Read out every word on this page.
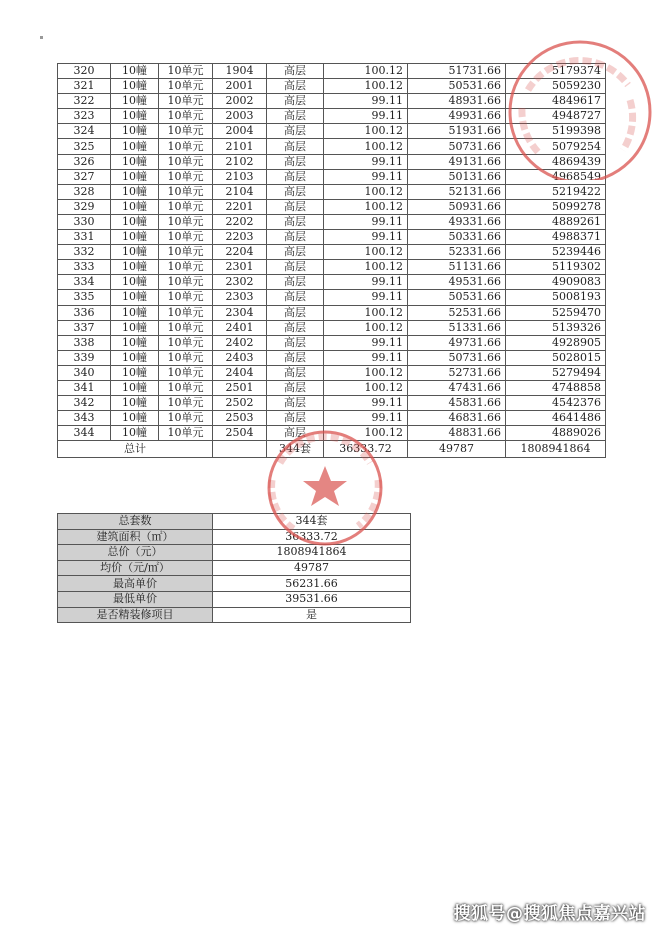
320	10幢	10单元	1904	高层	100.12	51731.66	5179374
321	10幢	10单元	2001	高层	100.12	50531.66	5059230
322	10幢	10单元	2002	高层	99.11	48931.66	4849617
323	10幢	10单元	2003	高层	99.11	49931.66	4948727
324	10幢	10单元	2004	高层	100.12	51931.66	5199398
325	10幢	10单元	2101	高层	100.12	50731.66	5079254
326	10幢	10单元	2102	高层	99.11	49131.66	4869439
327	10幢	10单元	2103	高层	99.11	50131.66	4968549
328	10幢	10单元	2104	高层	100.12	52131.66	5219422
329	10幢	10单元	2201	高层	100.12	50931.66	5099278
330	10幢	10单元	2202	高层	99.11	49331.66	4889261
331	10幢	10单元	2203	高层	99.11	50331.66	4988371
332	10幢	10单元	2204	高层	100.12	52331.66	5239446
333	10幢	10单元	2301	高层	100.12	51131.66	5119302
334	10幢	10单元	2302	高层	99.11	49531.66	4909083
335	10幢	10单元	2303	高层	99.11	50531.66	5008193
336	10幢	10单元	2304	高层	100.12	52531.66	5259470
337	10幢	10单元	2401	高层	100.12	51331.66	5139326
338	10幢	10单元	2402	高层	99.11	49731.66	4928905
339	10幢	10单元	2403	高层	99.11	50731.66	5028015
340	10幢	10单元	2404	高层	100.12	52731.66	5279494
341	10幢	10单元	2501	高层	100.12	47431.66	4748858
342	10幢	10单元	2502	高层	99.11	45831.66	4542376
343	10幢	10单元	2503	高层	99.11	46831.66	4641486
344	10幢	10单元	2504	高层	100.12	48831.66	4889026
总计				344套	36333.72	49787	1808941864
总套数	344套
建筑面积（㎡）	36333.72
总价（元）	1808941864
均价（元/㎡）	49787
最高单价	56231.66
最低单价	39531.66
是否精装修项目	是
搜狐号@搜狐焦点嘉兴站
